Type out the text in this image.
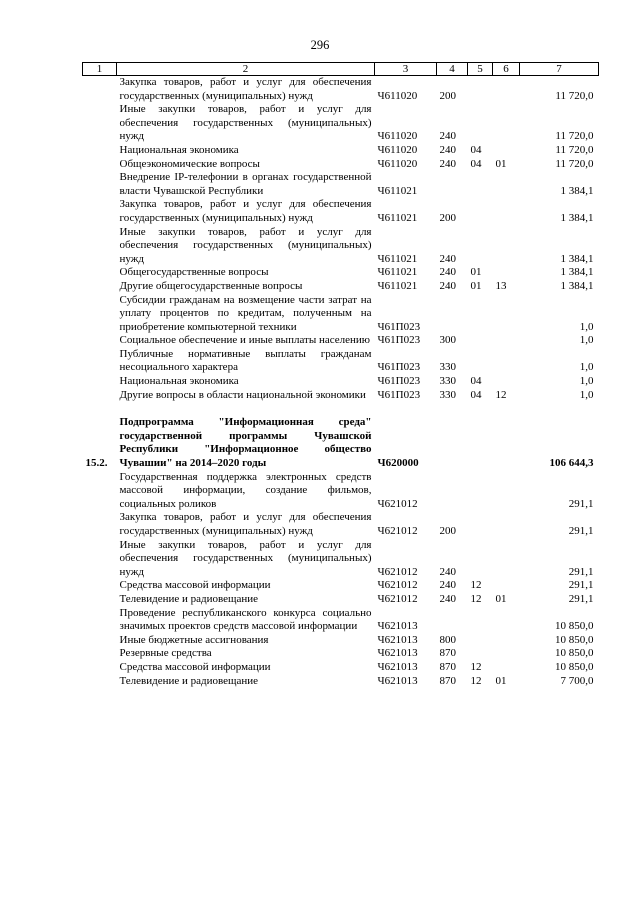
296
1	2	3	4	5	6	7
	Закупка товаров, работ и услуг для обеспечения государственных (муниципальных) нужд	Ч611020	200			11 720,0
	Иные закупки товаров, работ и услуг для обеспечения государственных (муниципальных) нужд	Ч611020	240			11 720,0
	Национальная экономика	Ч611020	240	04		11 720,0
	Общеэкономические вопросы	Ч611020	240	04	01	11 720,0
	Внедрение IP-телефонии в органах государственной власти Чувашской Республики	Ч611021				1 384,1
	Закупка товаров, работ и услуг для обеспечения государственных (муниципальных) нужд	Ч611021	200			1 384,1
	Иные закупки товаров, работ и услуг для обеспечения государственных (муниципальных) нужд	Ч611021	240			1 384,1
	Общегосударственные вопросы	Ч611021	240	01		1 384,1
	Другие общегосударственные вопросы	Ч611021	240	01	13	1 384,1
	Субсидии гражданам на возмещение части затрат на уплату процентов по кредитам, полученным на приобретение компьютерной техники	Ч61П023				1,0
	Социальное обеспечение и иные выплаты населению	Ч61П023	300			1,0
	Публичные нормативные выплаты гражданам несоциального характера	Ч61П023	330			1,0
	Национальная экономика	Ч61П023	330	04		1,0
	Другие вопросы в области национальной экономики	Ч61П023	330	04	12	1,0

15.2.	Подпрограмма "Информационная среда" государственной программы Чувашской Республики "Информационное общество Чувашии" на 2014–2020 годы	Ч620000				106 644,3
	Государственная поддержка электронных средств массовой информации, создание фильмов, социальных роликов	Ч621012				291,1
	Закупка товаров, работ и услуг для обеспечения государственных (муниципальных) нужд	Ч621012	200			291,1
	Иные закупки товаров, работ и услуг для обеспечения государственных (муниципальных) нужд	Ч621012	240			291,1
	Средства массовой информации	Ч621012	240	12		291,1
	Телевидение и радиовещание	Ч621012	240	12	01	291,1
	Проведение республиканского конкурса социально значимых проектов средств массовой информации	Ч621013				10 850,0
	Иные бюджетные ассигнования	Ч621013	800			10 850,0
	Резервные средства	Ч621013	870			10 850,0
	Средства массовой информации	Ч621013	870	12		10 850,0
	Телевидение и радиовещание	Ч621013	870	12	01	7 700,0
